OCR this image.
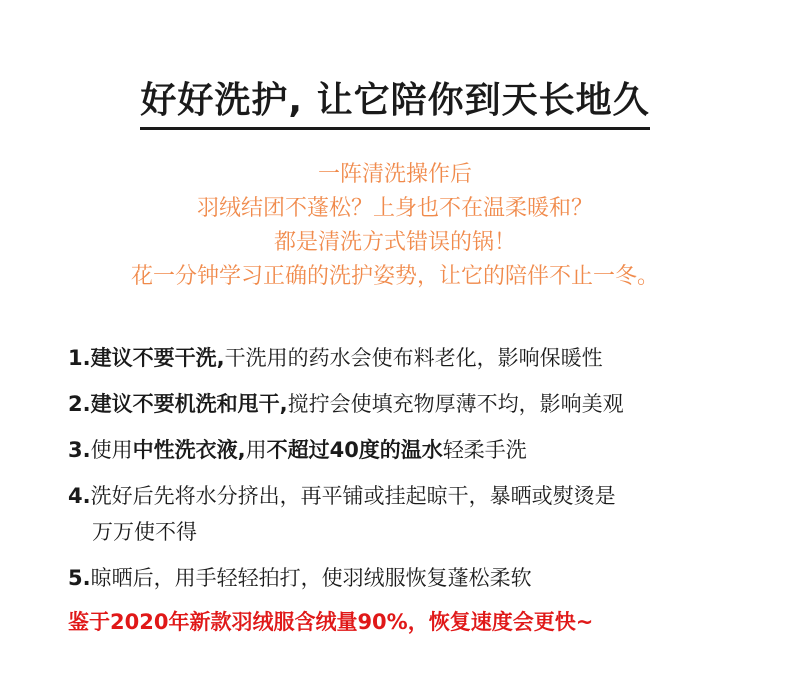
好好洗护, 让它陪你到天长地久
一阵清洗操作后
羽绒结团不蓬松？上身也不在温柔暖和？
都是清洗方式错误的锅！
花一分钟学习正确的洗护姿势，让它的陪伴不止一冬。
1.建议不要干洗,干洗用的药水会使布料老化，影响保暖性
2.建议不要机洗和甩干,搅拧会使填充物厚薄不均，影响美观
3.使用中性洗衣液,用不超过40度的温水轻柔手洗
4.洗好后先将水分挤出，再平铺或挂起晾干，暴晒或熨烫是
万万使不得
5.晾晒后，用手轻轻拍打，使羽绒服恢复蓬松柔软
鉴于2020年新款羽绒服含绒量90%，恢复速度会更快~
